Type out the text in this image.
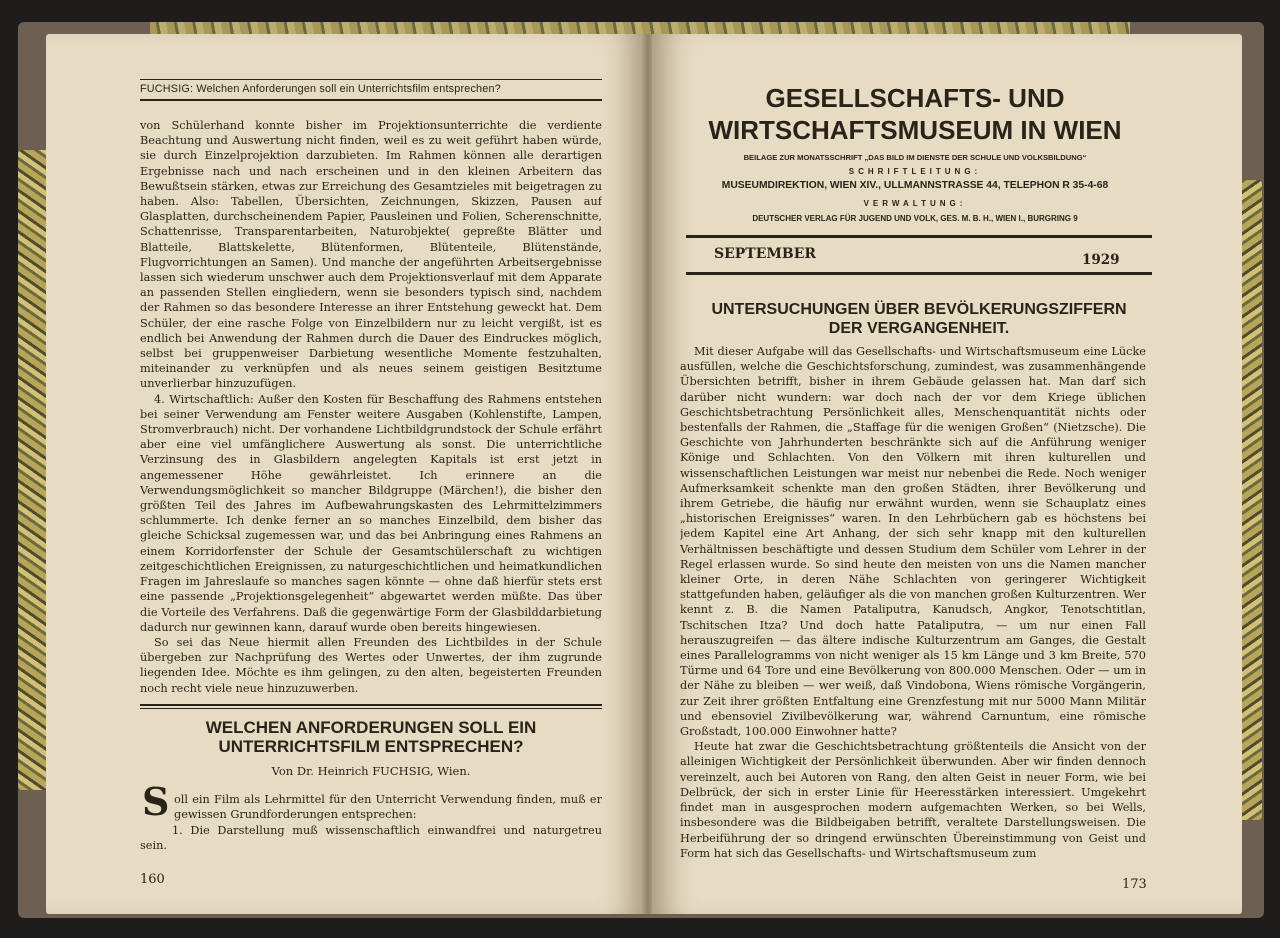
FUCHSIG: Welchen Anforderungen soll ein Unterrichtsfilm entsprechen?

von Schülerhand konnte bisher im Projektionsunterrichte die verdiente Beachtung und Auswertung nicht finden, weil es zu weit geführt haben würde, sie durch Einzelprojektion darzubieten. Im Rahmen können alle derartigen Ergebnisse nach und nach erscheinen und in den kleinen Arbeitern das Bewußtsein stärken, etwas zur Erreichung des Gesamtzieles mit beigetragen zu haben. Also: Tabellen, Übersichten, Zeichnungen, Skizzen, Pausen auf Glasplatten, durchscheinendem Papier, Pausleinen und Folien, Scherenschnitte, Schattenrisse, Transparentarbeiten, Naturobjekte( gepreßte Blätter und Blatteile, Blattskelette, Blütenformen, Blütenteile, Blütenstände, Flugvorrichtungen an Samen). Und manche der angeführten Arbeitsergebnisse lassen sich wiederum unschwer auch dem Projektionsverlauf mit dem Apparate an passenden Stellen eingliedern, wenn sie besonders typisch sind, nachdem der Rahmen so das besondere Interesse an ihrer Entstehung geweckt hat. Dem Schüler, der eine rasche Folge von Einzelbildern nur zu leicht vergißt, ist es endlich bei Anwendung der Rahmen durch die Dauer des Eindruckes möglich, selbst bei gruppenweiser Darbietung wesentliche Momente festzuhalten, miteinander zu verknüpfen und als neues seinem geistigen Besitztume unverlierbar hinzuzufügen.

4. Wirtschaftlich: Außer den Kosten für Beschaffung des Rahmens entstehen bei seiner Verwendung am Fenster weitere Ausgaben (Kohlenstifte, Lampen, Stromverbrauch) nicht. Der vorhandene Lichtbildgrundstock der Schule erfährt aber eine viel umfänglichere Auswertung als sonst. Die unterrichtliche Verzinsung des in Glasbildern angelegten Kapitals ist erst jetzt in angemessener Höhe gewährleistet. Ich erinnere an die Verwendungsmöglichkeit so mancher Bildgruppe (Märchen!), die bisher den größten Teil des Jahres im Aufbewahrungskasten des Lehrmittelzimmers schlummerte. Ich denke ferner an so manches Einzelbild, dem bisher das gleiche Schicksal zugemessen war, und das bei Anbringung eines Rahmens an einem Korridorfenster der Schule der Gesamtschülerschaft zu wichtigen zeitgeschichtlichen Ereignissen, zu naturgeschichtlichen und heimatkundlichen Fragen im Jahreslaufe so manches sagen könnte — ohne daß hierfür stets erst eine passende „Projektionsgelegenheit“ abgewartet werden müßte. Das über die Vorteile des Verfahrens. Daß die gegenwärtige Form der Glasbilddarbietung dadurch nur gewinnen kann, darauf wurde oben bereits hingewiesen.

So sei das Neue hiermit allen Freunden des Lichtbildes in der Schule übergeben zur Nachprüfung des Wertes oder Unwertes, der ihm zugrunde liegenden Idee. Möchte es ihm gelingen, zu den alten, begeisterten Freunden noch recht viele neue hinzuzuwerben.

WELCHEN ANFORDERUNGEN SOLL EIN
UNTERRICHTSFILM ENTSPRECHEN?
Von Dr. Heinrich FUCHSIG, Wien.
S oll ein Film als Lehrmittel für den Unterricht Verwendung finden, muß er gewissen Grundforderungen entsprechen:
1. Die Darstellung muß wissenschaftlich einwandfrei und naturgetreu sein.
160
GESELLSCHAFTS- UND
WIRTSCHAFTSMUSEUM IN WIEN
BEILAGE ZUR MONATSSCHRIFT „DAS BILD IM DIENSTE DER SCHULE UND VOLKSBILDUNG“
SCHRIFTLEITUNG:
MUSEUMDIREKTION, WIEN XIV., ULLMANNSTRASSE 44, TELEPHON R 35-4-68
VERWALTUNG:
DEUTSCHER VERLAG FÜR JUGEND UND VOLK, GES. M. B. H., WIEN I., BURGRING 9
SEPTEMBER	1929
UNTERSUCHUNGEN ÜBER BEVÖLKERUNGSZIFFERN
DER VERGANGENHEIT.

Mit dieser Aufgabe will das Gesellschafts- und Wirtschaftsmuseum eine Lücke ausfüllen, welche die Geschichtsforschung, zumindest, was zusammenhängende Übersichten betrifft, bisher in ihrem Gebäude gelassen hat. Man darf sich darüber nicht wundern: war doch nach der vor dem Kriege üblichen Geschichtsbetrachtung Persönlichkeit alles, Menschenquantität nichts oder bestenfalls der Rahmen, die „Staffage für die wenigen Großen“ (Nietzsche). Die Geschichte von Jahrhunderten beschränkte sich auf die Anführung weniger Könige und Schlachten. Von den Völkern mit ihren kulturellen und wissenschaftlichen Leistungen war meist nur nebenbei die Rede. Noch weniger Aufmerksamkeit schenkte man den großen Städten, ihrer Bevölkerung und ihrem Getriebe, die häufig nur erwähnt wurden, wenn sie Schauplatz eines „historischen Ereignisses“ waren. In den Lehrbüchern gab es höchstens bei jedem Kapitel eine Art Anhang, der sich sehr knapp mit den kulturellen Verhältnissen beschäftigte und dessen Studium dem Schüler vom Lehrer in der Regel erlassen wurde. So sind heute den meisten von uns die Namen mancher kleiner Orte, in deren Nähe Schlachten von geringerer Wichtigkeit stattgefunden haben, geläufiger als die von manchen großen Kulturzentren. Wer kennt z. B. die Namen Pataliputra, Kanudsch, Angkor, Tenotschtitlan, Tschitschen Itza? Und doch hatte Pataliputra, — um nur einen Fall herauszugreifen — das ältere indische Kulturzentrum am Ganges, die Gestalt eines Parallelogramms von nicht weniger als 15 km Länge und 3 km Breite, 570 Türme und 64 Tore und eine Bevölkerung von 800.000 Menschen. Oder — um in der Nähe zu bleiben — wer weiß, daß Vindobona, Wiens römische Vorgängerin, zur Zeit ihrer größten Entfaltung eine Grenzfestung mit nur 5000 Mann Militär und ebensoviel Zivilbevölkerung war, während Carnuntum, eine römische Großstadt, 100.000 Einwohner hatte?

Heute hat zwar die Geschichtsbetrachtung größtenteils die Ansicht von der alleinigen Wichtigkeit der Persönlichkeit überwunden. Aber wir finden dennoch vereinzelt, auch bei Autoren von Rang, den alten Geist in neuer Form, wie bei Delbrück, der sich in erster Linie für Heeresstärken interessiert. Umgekehrt findet man in ausgesprochen modern aufgemachten Werken, so bei Wells, insbesondere was die Bildbeigaben betrifft, veraltete Darstellungsweisen. Die Herbeiführung der so dringend erwünschten Übereinstimmung von Geist und Form hat sich das Gesellschafts- und Wirtschaftsmuseum zum

173
